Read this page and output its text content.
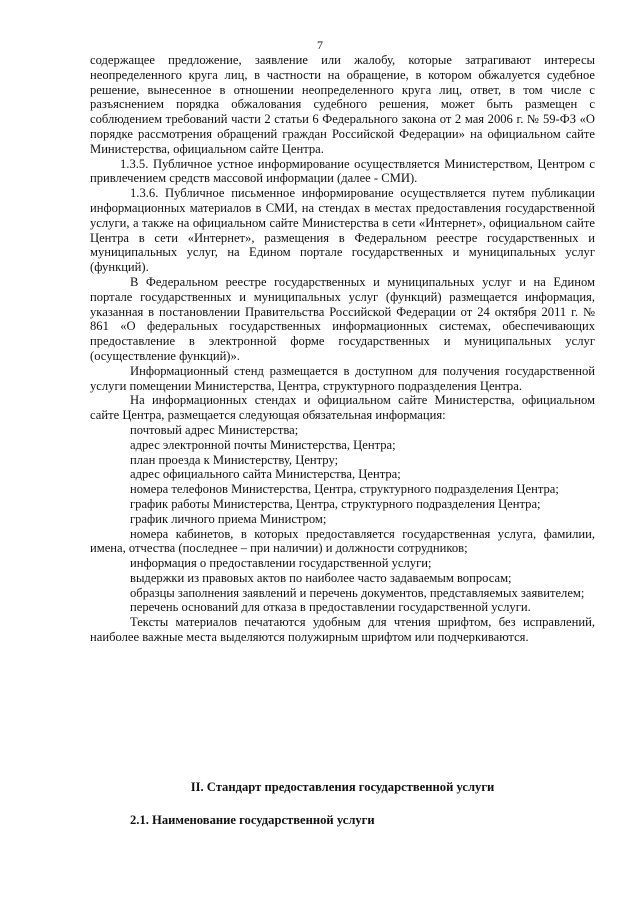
7

содержащее предложение, заявление или жалобу, которые затрагивают интересы неопределенного круга лиц, в частности на обращение, в котором обжалуется судебное решение, вынесенное в отношении неопределенного круга лиц, ответ, в том числе с разъяснением порядка обжалования судебного решения, может быть размещен с соблюдением требований части 2 статьи 6 Федерального закона от 2 мая 2006 г. № 59-ФЗ «О порядке рассмотрения обращений граждан Российской Федерации» на официальном сайте Министерства, официальном сайте Центра.

1.3.5. Публичное устное информирование осуществляется Министерством, Центром с привлечением средств массовой информации (далее - СМИ).

1.3.6. Публичное письменное информирование осуществляется путем публикации информационных материалов в СМИ, на стендах в местах предоставления государственной услуги, а также на официальном сайте Министерства в сети «Интернет», официальном сайте Центра в сети «Интернет», размещения в Федеральном реестре государственных и муниципальных услуг, на Едином портале государственных и муниципальных услуг (функций).

В Федеральном реестре государственных и муниципальных услуг и на Едином портале государственных и муниципальных услуг (функций) размещается информация, указанная в постановлении Правительства Российской Федерации от 24 октября 2011 г. № 861 «О федеральных государственных информационных системах, обеспечивающих предоставление в электронной форме государственных и муниципальных услуг (осуществление функций)».

Информационный стенд размещается в доступном для получения государственной услуги помещении Министерства, Центра, структурного подразделения Центра.

На информационных стендах и официальном сайте Министерства, официальном сайте Центра, размещается следующая обязательная информация:

почтовый адрес Министерства;

адрес электронной почты Министерства, Центра;

план проезда к Министерству, Центру;

адрес официального сайта Министерства, Центра;

номера телефонов Министерства, Центра, структурного подразделения Центра;

график работы Министерства, Центра, структурного подразделения Центра;

график личного приема Министром;

номера кабинетов, в которых предоставляется государственная услуга, фамилии, имена, отчества (последнее – при наличии) и должности сотрудников;

информация о предоставлении государственной услуги;

выдержки из правовых актов по наиболее часто задаваемым вопросам;

образцы заполнения заявлений и перечень документов, представляемых заявителем;

перечень оснований для отказа в предоставлении государственной услуги.

Тексты материалов печатаются удобным для чтения шрифтом, без исправлений, наиболее важные места выделяются полужирным шрифтом или подчеркиваются.

II. Стандарт предоставления государственной услуги
2.1. Наименование государственной услуги
